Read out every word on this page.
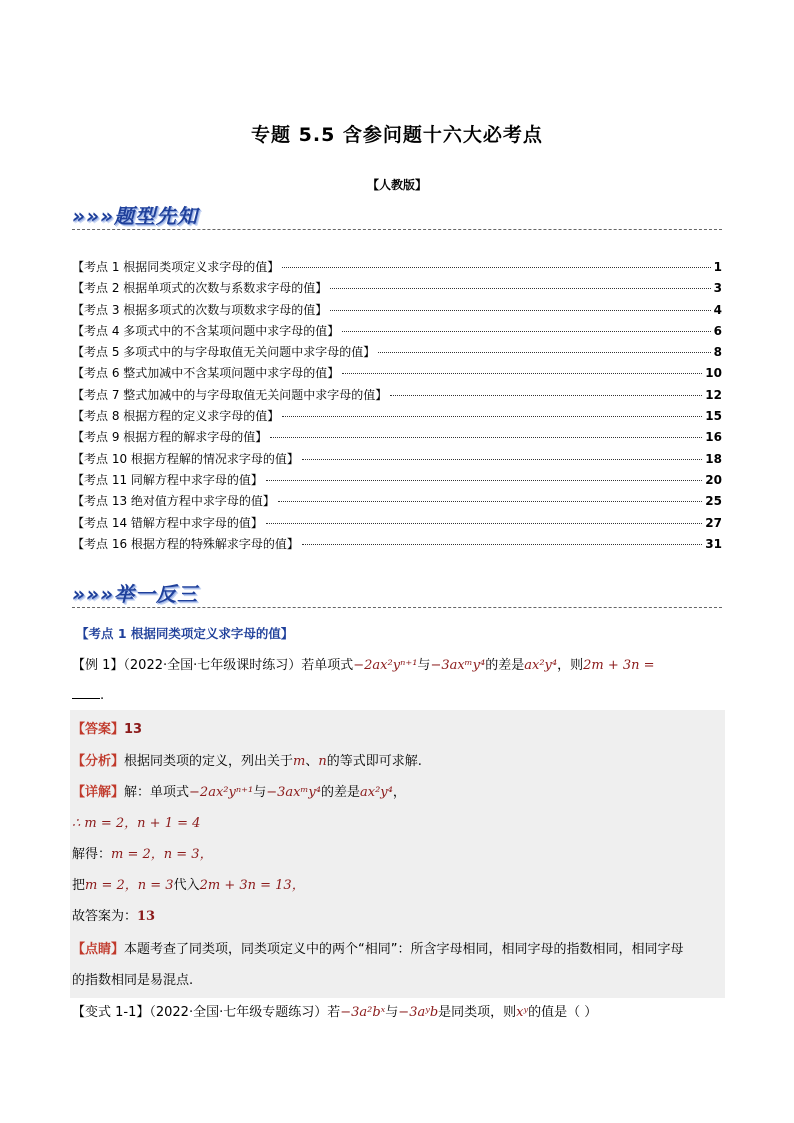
专题 5.5 含参问题十六大必考点
【人教版】
»»»题型先知
【考点 1 根据同类项定义求字母的值】	1
【考点 2 根据单项式的次数与系数求字母的值】	3
【考点 3 根据多项式的次数与项数求字母的值】	4
【考点 4 多项式中的不含某项问题中求字母的值】	6
【考点 5 多项式中的与字母取值无关问题中求字母的值】	8
【考点 6 整式加减中不含某项问题中求字母的值】	10
【考点 7 整式加减中的与字母取值无关问题中求字母的值】	12
【考点 8 根据方程的定义求字母的值】	15
【考点 9 根据方程的解求字母的值】	16
【考点 10 根据方程解的情况求字母的值】	18
【考点 11 同解方程中求字母的值】	20
【考点 13 绝对值方程中求字母的值】	25
【考点 14 错解方程中求字母的值】	27
【考点 16 根据方程的特殊解求字母的值】	31
»»»举一反三
【考点 1 根据同类项定义求字母的值】
【例 1】（2022·全国·七年级课时练习）若单项式−2ax²yⁿ⁺¹与−3axᵐy⁴的差是ax²y⁴，则2m + 3n =
.
【答案】13
【分析】根据同类项的定义，列出关于m、n的等式即可求解.
【详解】解：单项式−2ax²yⁿ⁺¹与−3axᵐy⁴的差是ax²y⁴，
∴ m = 2，n + 1 = 4
解得：m = 2，n = 3，
把m = 2，n = 3代入2m + 3n = 13，
故答案为：13
【点睛】本题考查了同类项，同类项定义中的两个“相同”：所含字母相同，相同字母的指数相同，相同字母
的指数相同是易混点.
【变式 1-1】（2022·全国·七年级专题练习）若−3a²bˣ与−3aʸb是同类项，则xʸ的值是（ ）
